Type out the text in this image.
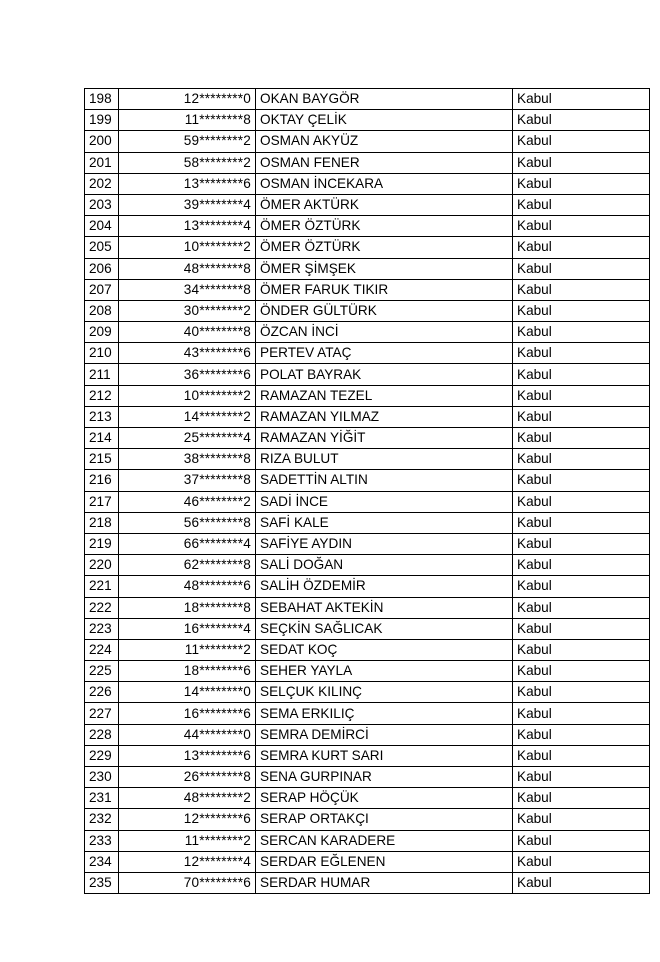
198	12********0	OKAN BAYGÖR	Kabul
199	11********8	OKTAY ÇELİK	Kabul
200	59********2	OSMAN AKYÜZ	Kabul
201	58********2	OSMAN FENER	Kabul
202	13********6	OSMAN İNCEKARA	Kabul
203	39********4	ÖMER AKTÜRK	Kabul
204	13********4	ÖMER ÖZTÜRK	Kabul
205	10********2	ÖMER ÖZTÜRK	Kabul
206	48********8	ÖMER ŞİMŞEK	Kabul
207	34********8	ÖMER FARUK TIKIR	Kabul
208	30********2	ÖNDER GÜLTÜRK	Kabul
209	40********8	ÖZCAN İNCİ	Kabul
210	43********6	PERTEV ATAÇ	Kabul
211	36********6	POLAT BAYRAK	Kabul
212	10********2	RAMAZAN TEZEL	Kabul
213	14********2	RAMAZAN YILMAZ	Kabul
214	25********4	RAMAZAN YİĞİT	Kabul
215	38********8	RIZA BULUT	Kabul
216	37********8	SADETTİN ALTIN	Kabul
217	46********2	SADİ İNCE	Kabul
218	56********8	SAFİ KALE	Kabul
219	66********4	SAFİYE AYDIN	Kabul
220	62********8	SALİ DOĞAN	Kabul
221	48********6	SALİH ÖZDEMİR	Kabul
222	18********8	SEBAHAT AKTEKİN	Kabul
223	16********4	SEÇKİN SAĞLICAK	Kabul
224	11********2	SEDAT KOÇ	Kabul
225	18********6	SEHER YAYLA	Kabul
226	14********0	SELÇUK KILINÇ	Kabul
227	16********6	SEMA ERKILIÇ	Kabul
228	44********0	SEMRA DEMİRCİ	Kabul
229	13********6	SEMRA KURT SARI	Kabul
230	26********8	SENA GURPINAR	Kabul
231	48********2	SERAP HÖÇÜK	Kabul
232	12********6	SERAP ORTAKÇI	Kabul
233	11********2	SERCAN KARADERE	Kabul
234	12********4	SERDAR EĞLENEN	Kabul
235	70********6	SERDAR HUMAR	Kabul
